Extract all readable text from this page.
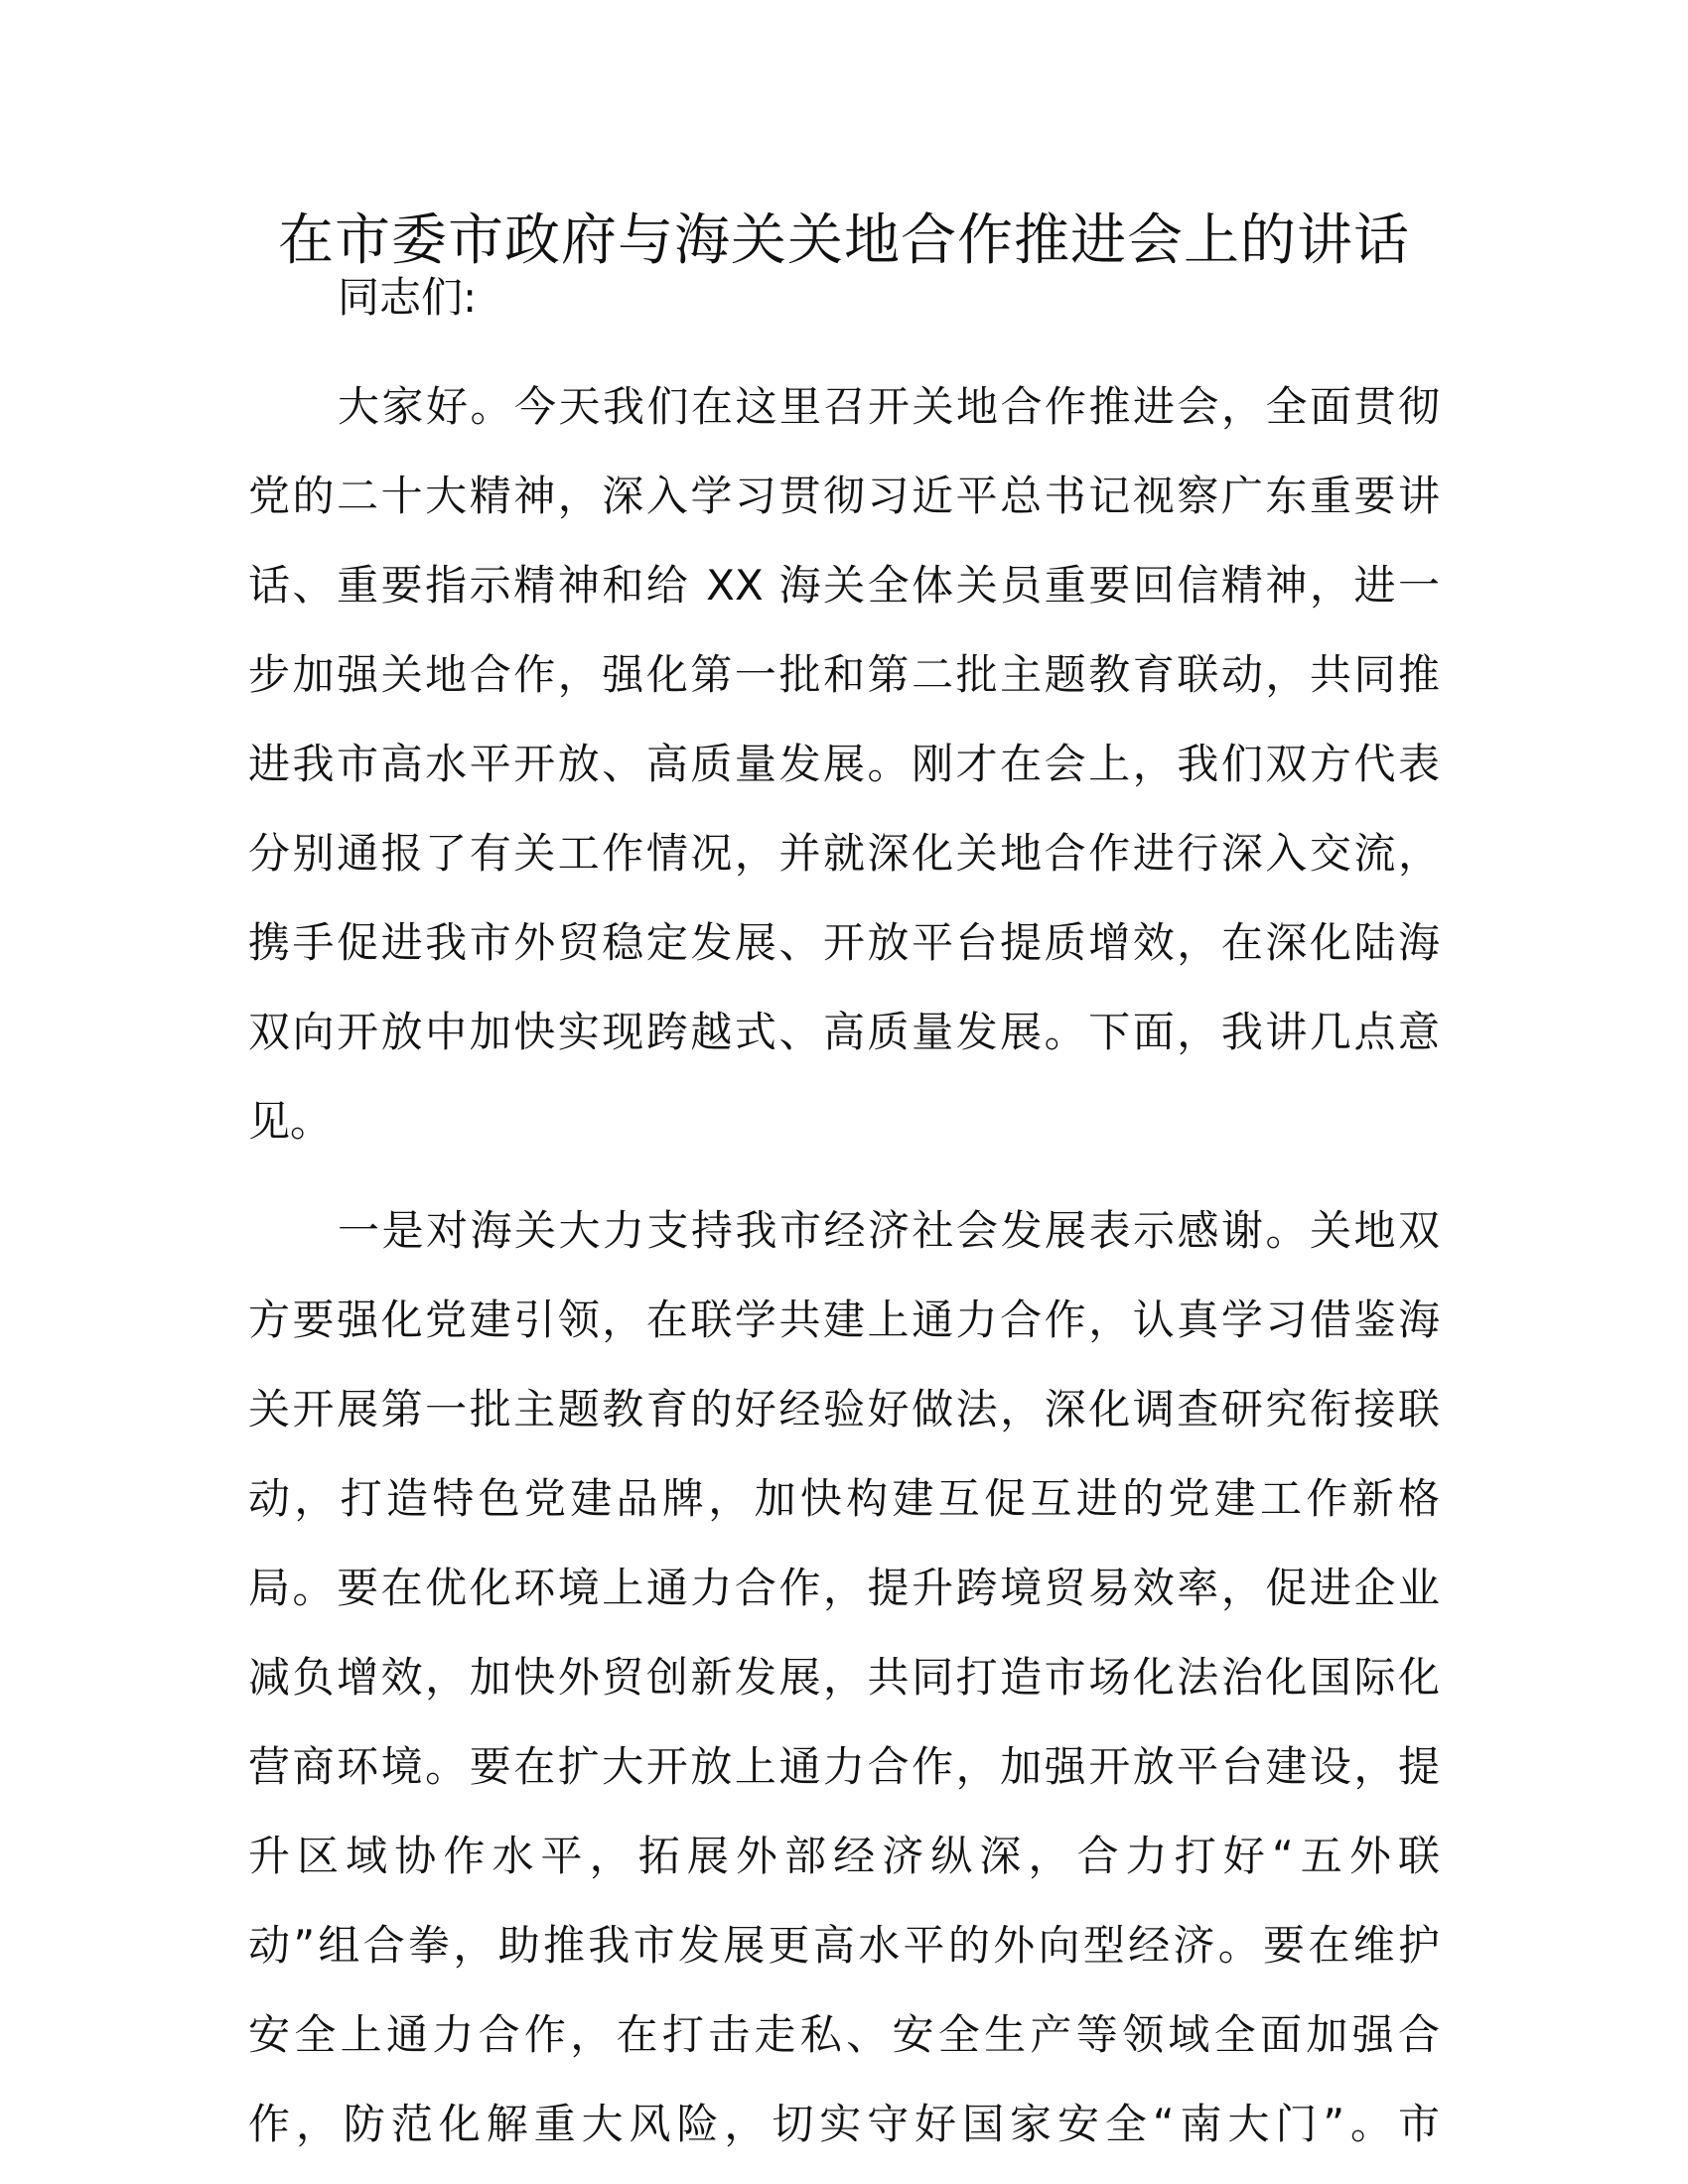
在市委市政府与海关关地合作推进会上的讲话

同志们:

大家好。今天我们在这里召开关地合作推进会，全面贯彻
党的二十大精神，深入学习贯彻习近平总书记视察广东重要讲
话、重要指示精神和给 XX 海关全体关员重要回信精神，进一
步加强关地合作，强化第一批和第二批主题教育联动，共同推
进我市高水平开放、高质量发展。刚才在会上，我们双方代表
分别通报了有关工作情况，并就深化关地合作进行深入交流，
携手促进我市外贸稳定发展、开放平台提质增效，在深化陆海
双向开放中加快实现跨越式、高质量发展。下面，我讲几点意
见。
一是对海关大力支持我市经济社会发展表示感谢。关地双
方要强化党建引领，在联学共建上通力合作，认真学习借鉴海
关开展第一批主题教育的好经验好做法，深化调查研究衔接联
动，打造特色党建品牌，加快构建互促互进的党建工作新格
局。要在优化环境上通力合作，提升跨境贸易效率，促进企业
减负增效，加快外贸创新发展，共同打造市场化法治化国际化
营商环境。要在扩大开放上通力合作，加强开放平台建设，提
升区域协作水平，拓展外部经济纵深，合力打好“五外联
动”组合拳，助推我市发展更高水平的外向型经济。要在维护
安全上通力合作，在打击走私、安全生产等领域全面加强合
作，防范化解重大风险，切实守好国家安全“南大门”。市
